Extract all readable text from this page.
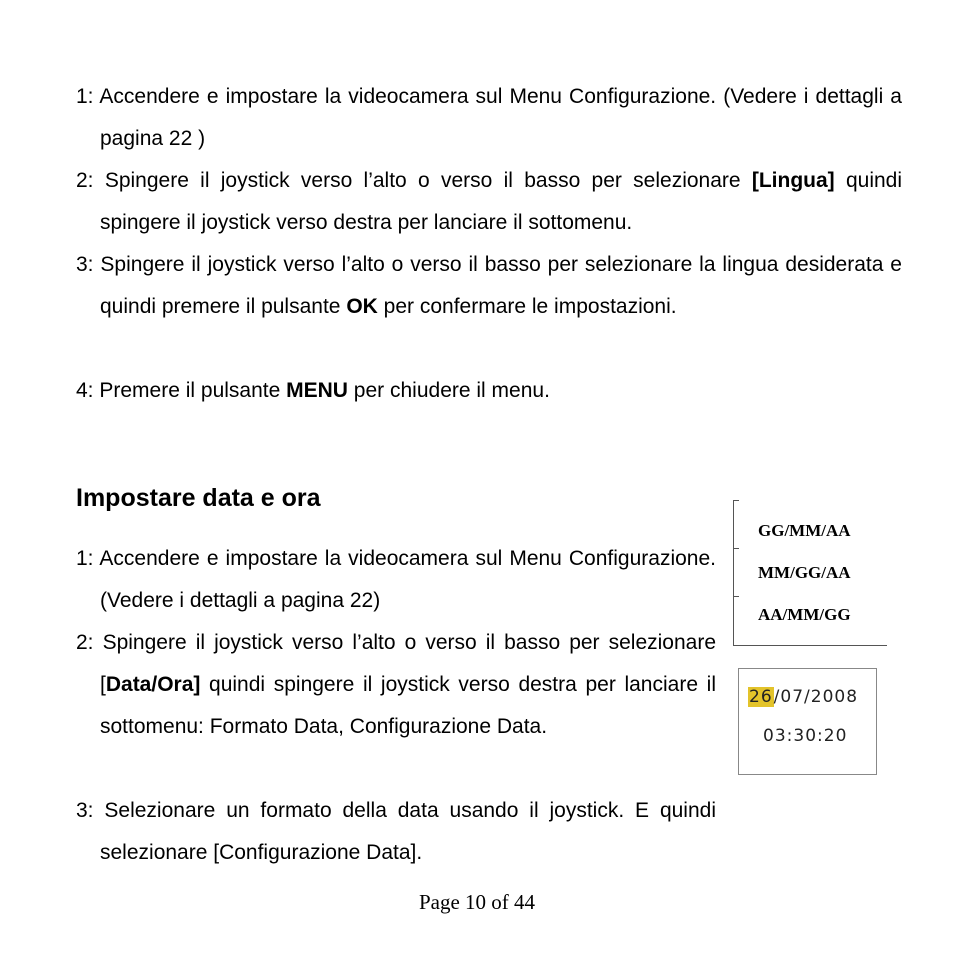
1: Accendere e impostare la videocamera sul Menu Configurazione. (Vedere i dettagli a pagina 22 )

2: Spingere il joystick verso l’alto o verso il basso per selezionare [Lingua] quindi spingere il joystick verso destra per lanciare il sottomenu.

3: Spingere il joystick verso l’alto o verso il basso per selezionare la lingua desiderata e quindi premere il pulsante OK per confermare le impostazioni.

4: Premere il pulsante MENU per chiudere il menu.

Impostare data e ora

1: Accendere e impostare la videocamera sul Menu Configurazione. (Vedere i dettagli a pagina 22)

2: Spingere il joystick verso l’alto o verso il basso per selezionare [Data/Ora] quindi spingere il joystick verso destra per lanciare il sottomenu: Formato Data, Configurazione Data.

3: Selezionare un formato della data usando il joystick. E quindi selezionare [Configurazione Data].

GG/MM/AA
MM/GG/AA
AA/MM/GG
26/07/2008
03:30:20
Page 10 of 44
